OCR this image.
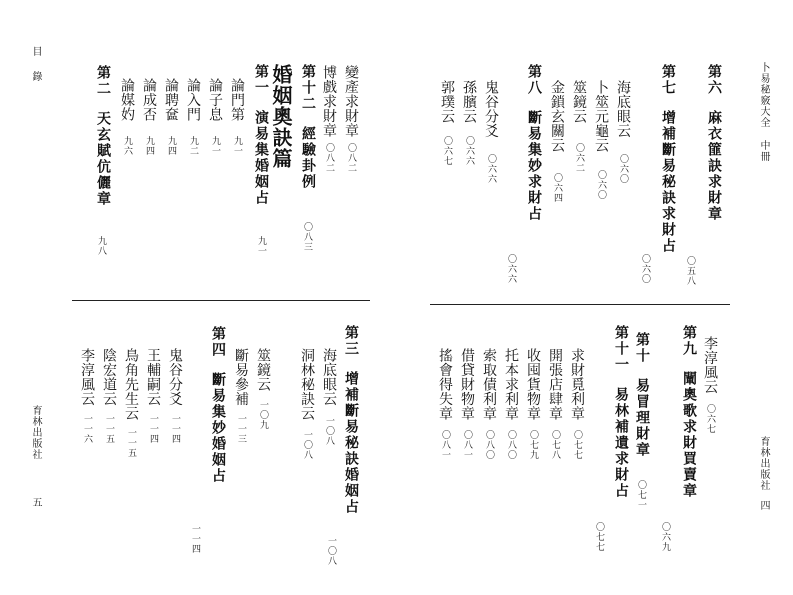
目 錄
育林出版社
五
第二天玄賦伉儷章
九八
論媒妁
九六
論成否
九四
論聘奩
九四
論入門
九二
論子息
九一
論門第
九一
第一演易集婚姻占
九一
婚姻奧訣篇 第十二經驗卦例
〇八三
博戲求財章
〇八二
變產求財章
〇八二
李淳風云
一一六
陰宏道云
一一五
鳥角先生云
一一五
王輔嗣云
一一四
鬼谷分爻
一一四
第四斷易集妙婚姻占
一一四
斷易參補
一一三
筮鏡云
一〇九 洞林秘訣云
一〇八
海底眼云
一〇八
第三增補斷易秘訣婚姻占
一〇八
卜易秘竅大全 中冊
育林出版社
四
郭璞云
〇六七
孫臏云
〇六六
鬼谷分爻
〇六六
第八斷易集妙求財占
〇六六
金鎖玄關云
〇六四
筮鏡云
〇六二
卜筮元龜云
〇六〇
海底眼云
〇六〇
第七增補斷易秘訣求財占
〇六〇
第六麻衣篚訣求財章
〇五八
搖會得失章
〇八一
借貸財物章
〇八一
索取債利章
〇八〇
托本求利章
〇八〇
收囤貨物章
〇七九
開張店肆章
〇七八
求財覓利章
〇七七
第十一易林補遺求財占
〇七七
第十易冒理財章
〇七一
第九闡奧歌求財買賣章
〇六九
李淳風云
〇六七
